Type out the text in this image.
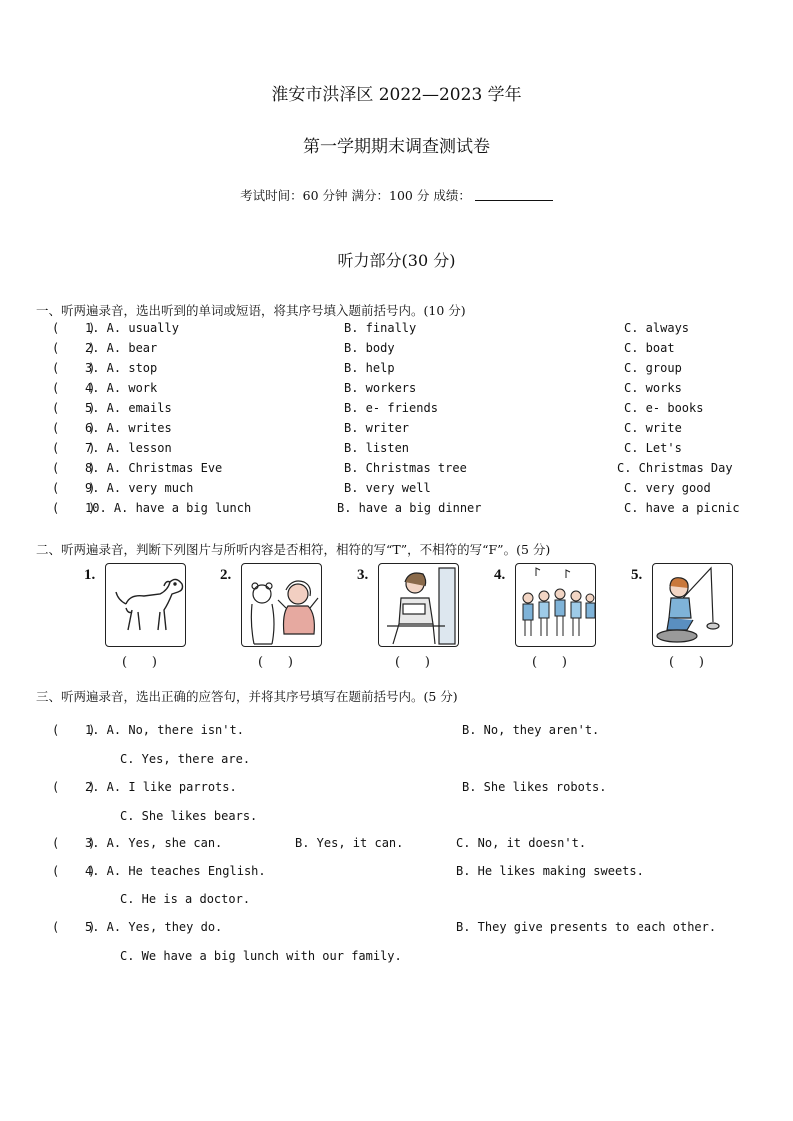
淮安市洪泽区 2022—2023 学年
第一学期期末调查测试卷
考试时间：60 分钟 满分：100 分 成绩：
听力部分(30 分)
一、听两遍录音，选出听到的单词或短语，将其序号填入题前括号内。(10 分)
(    )
1. A. usually	B. finally	C. always
(    )
2. A. bear	B. body	C. boat
(    )
3. A. stop	B. help	C. group
(    )
4. A. work	B. workers	C. works
(    )
5. A. emails	B. e- friends	C. e- books
(    )
6. A. writes	B. writer	C. write
(    )
7. A. lesson	B. listen	C. Let's
(    )
8. A. Christmas Eve	B. Christmas tree	C. Christmas Day
(    )
9. A. very much	B. very well	C. very good
(    )
10. A. have a big lunch	B. have a big dinner	C. have a picnic
二、听两遍录音，判断下列图片与所听内容是否相符，相符的写“T”，不相符的写“F”。(5 分)
1.
(      )
2.
(      )
3.
(      )
4.
(      )
5.
(      )
三、听两遍录音，选出正确的应答句，并将其序号填写在题前括号内。(5 分)
(    )
1. A. No, there isn't.	B. No, they aren't.
C. Yes, there are.
(    )
2. A. I like parrots.	B. She likes robots.
C. She likes bears.
(    )
3. A. Yes, she can.	B. Yes, it can.	C. No, it doesn't.
(    )
4. A. He teaches English.	B. He likes making sweets.
C. He is a doctor.
(    )
5. A. Yes, they do.	B. They give presents to each other.
C. We have a big lunch with our family.
